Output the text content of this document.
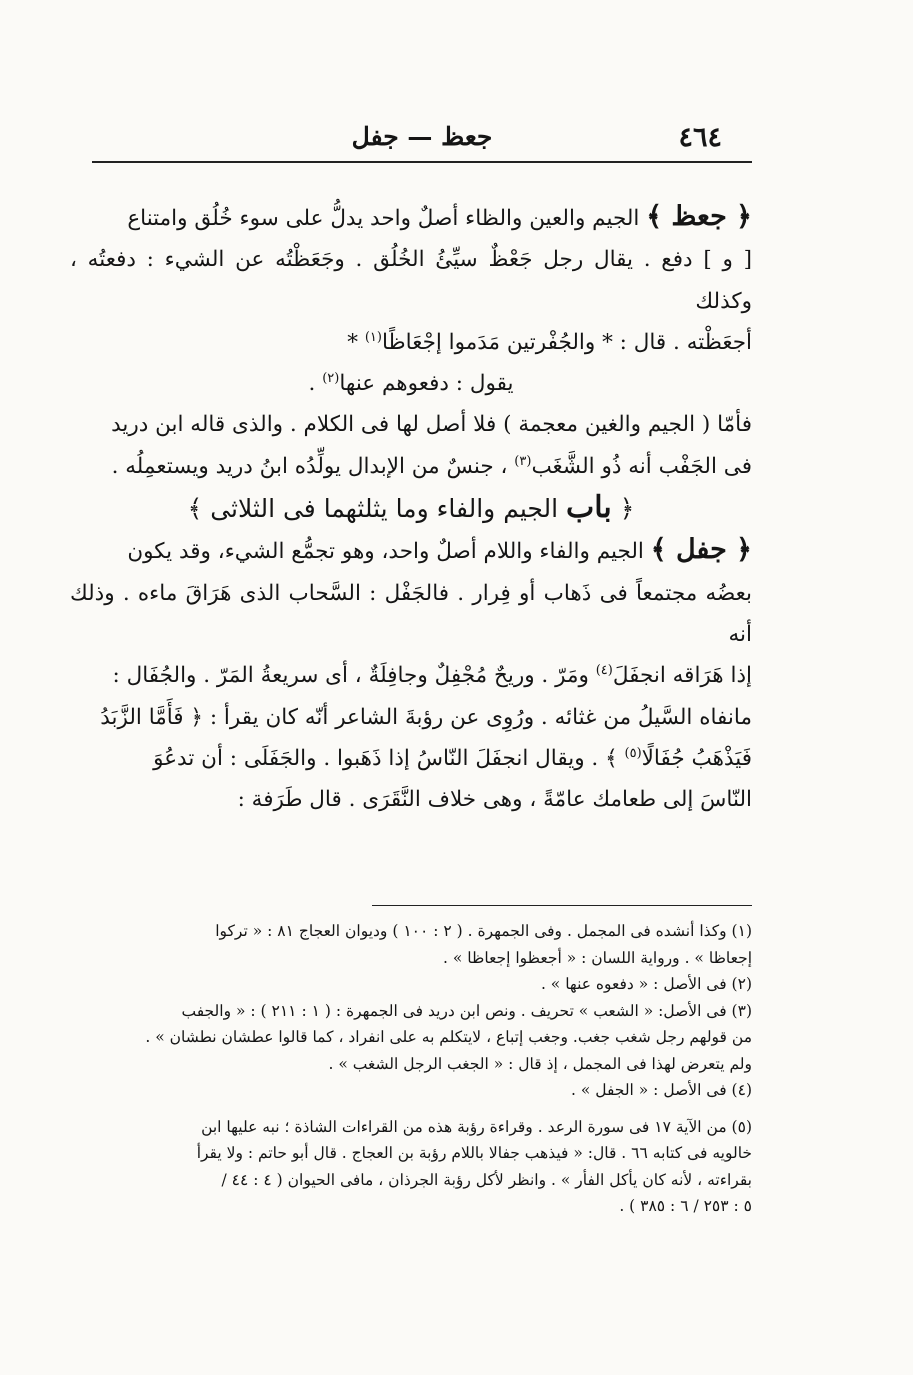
٤٦٤
جعظ — جفل

﴿ جعظ ﴾ الجيم والعين والظاء أصلٌ واحد يدلُّ على سوء خُلُق وامتناع

[ و ] دفع . يقال رجل جَعْظٌ سيِّئُ الخُلُق . وجَعَظْتُه عن الشيء : دفعتُه ، وكذلك

أجعَظْته . قال : * والجُفْرتين مَدَموا إجْعَاظًا$^{(١)}$ *

يقول : دفعوهم عنها$^{(٢)}$ .

فأمّا ( الجيم والغين معجمة ) فلا أصل لها فى الكلام . والذى قاله ابن دريد

فى الجَفْب أنه ذُو الشَّغَب$^{(٣)}$ ، جنسٌ من الإبدال يولِّدُه ابنُ دريد ويستعمِلُه .

﴿ باب الجيم والفاء وما يثلثهما فى الثلاثى ﴾

﴿ جفل ﴾ الجيم والفاء واللام أصلٌ واحد، وهو تجمُّع الشيء، وقد يكون

بعضُه مجتمعاً فى ذَهاب أو فِرار . فالجَفْل : السَّحاب الذى هَرَاقَ ماءه . وذلك أنه

إذا هَرَاقه انجفَلَ$^{(٤)}$ ومَرّ . وريحٌ مُجْفِلٌ وجافِلَةٌ ، أى سريعةُ المَرّ . والجُفَال :

مانفاه السَّيلُ من غثائه . ورُوِى عن رؤبةَ الشاعر أنّه كان يقرأ : ﴿ فَأَمَّا الزَّبَدُ

فَيَذْهَبُ جُفَالًا$^{(٥)}$ ﴾ . ويقال انجفَلَ النّاسُ إذا ذَهَبوا . والجَفَلَى : أن تدعُوَ

النّاسَ إلى طعامك عامّةً ، وهى خلاف النَّقَرَى . قال طَرَفة :

(١) وكذا أنشده فى المجمل . وفى الجمهرة . ( ٢ : ١٠٠ ) وديوان العجاج ٨١ : « تركوا

إجعاظا » . ورواية اللسان : « أجعظوا إجعاظا » .

(٢) فى الأصل : « دفعوه عنها » .

(٣) فى الأصل: « الشعب » تحريف . ونص ابن دريد فى الجمهرة : ( ١ : ٢١١ ) : « والجفب

من قولهم رجل شغب جغب. وجغب إتباع ، لايتكلم به على انفراد ، كما قالوا عطشان نطشان » .

ولم يتعرض لهذا فى المجمل ، إذ قال : « الجغب الرجل الشغب » .

(٤) فى الأصل : « الجفل » .

(٥) من الآية ١٧ فى سورة الرعد . وقراءة رؤبة هذه من القراءات الشاذة ؛ نبه عليها ابن

خالويه فى كتابه ٦٦ . قال: « فيذهب جفالا باللام رؤبة بن العجاج . قال أبو حاتم : ولا يقرأ

بقراءته ، لأنه كان يأكل الفأر » . وانظر لأكل رؤبة الجرذان ، مافى الحيوان ( ٤ : ٤٤ /

٥ : ٢٥٣ / ٦ : ٣٨٥ ) .
